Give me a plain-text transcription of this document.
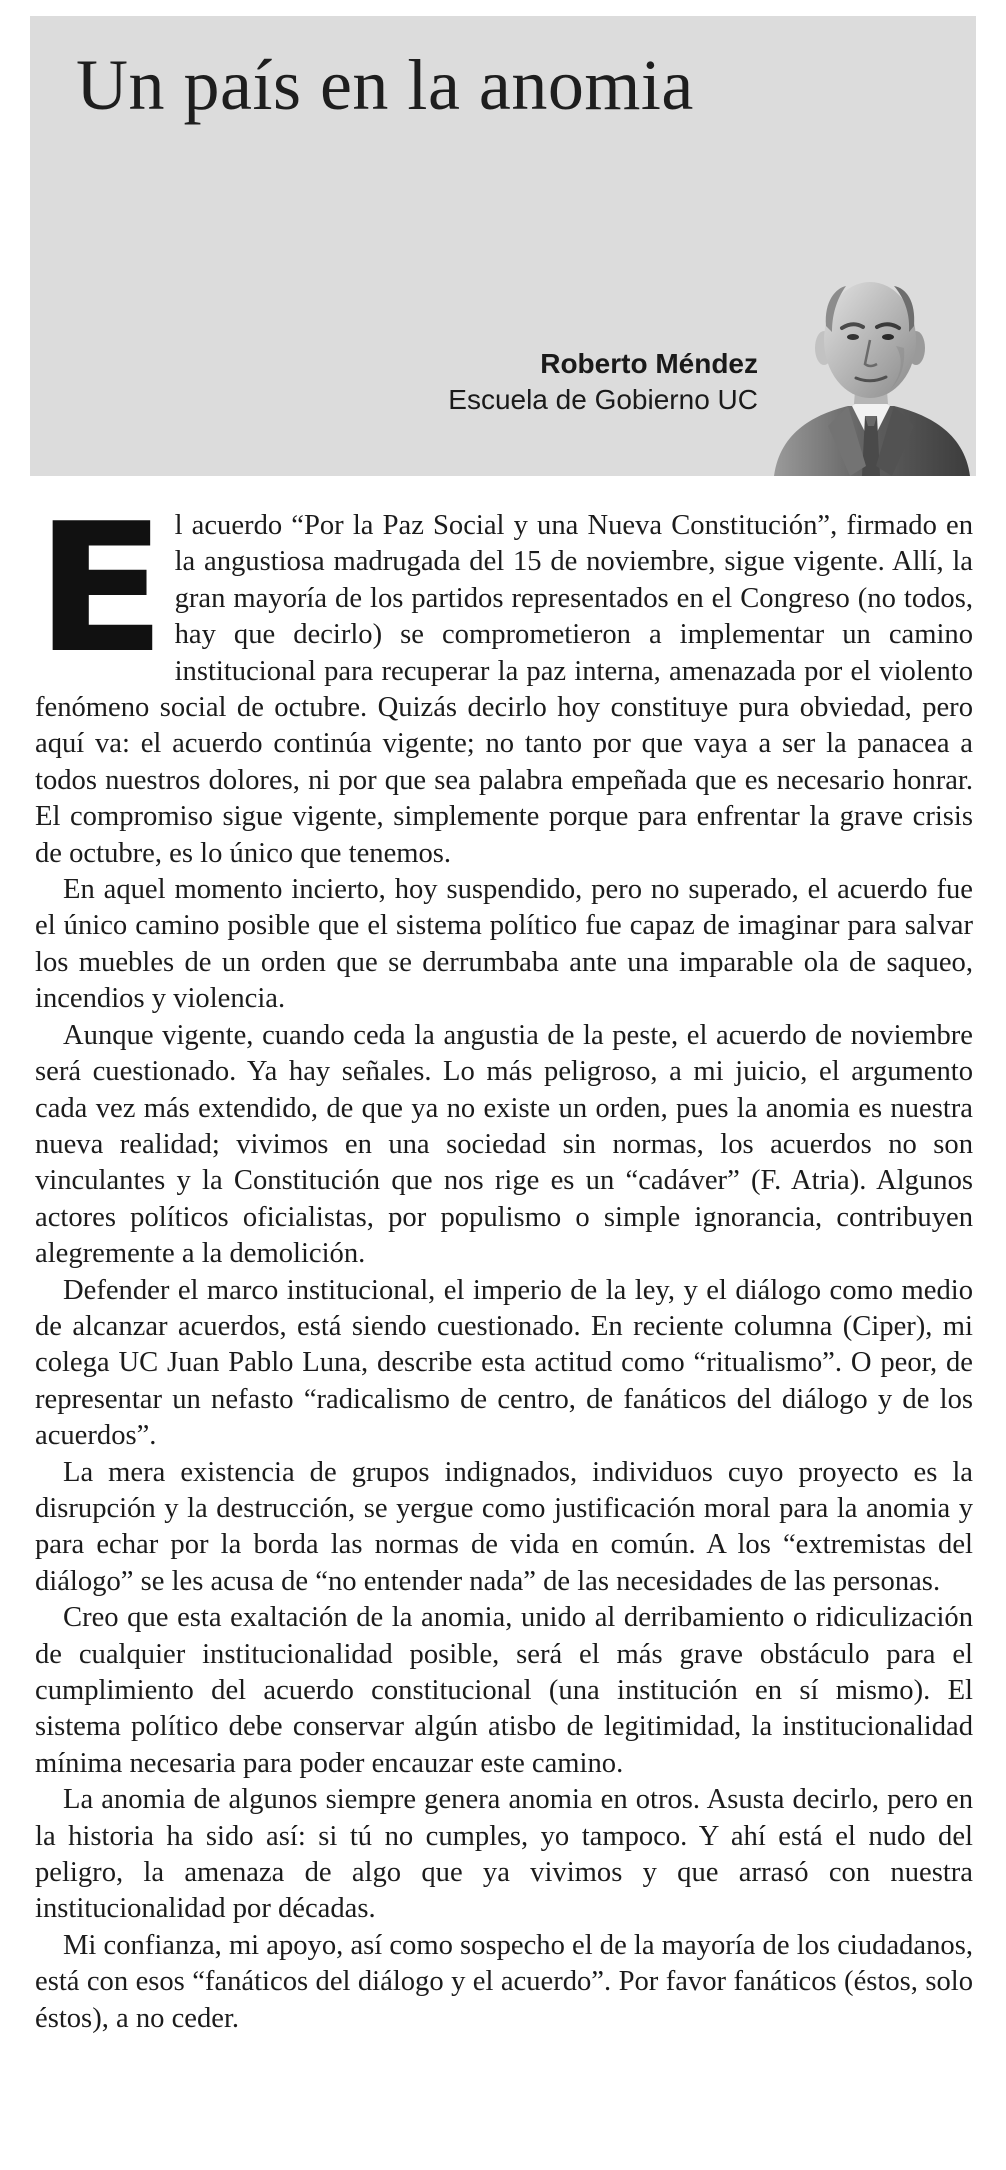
Un país en la anomia
Roberto Méndez
Escuela de Gobierno UC

El acuerdo “Por la Paz Social y una Nueva Constitución”, firmado en la angustiosa madrugada del 15 de noviembre, sigue vigente. Allí, la gran mayoría de los partidos representados en el Congreso (no todos, hay que decirlo) se comprometieron a implementar un camino institucional para recuperar la paz interna, amenazada por el violento fenómeno social de octubre. Quizás decirlo hoy constituye pura obviedad, pero aquí va: el acuerdo continúa vigente; no tanto por que vaya a ser la panacea a todos nuestros dolores, ni por que sea palabra empeñada que es necesario honrar. El compromiso sigue vigente, simplemente porque para enfrentar la grave crisis de octubre, es lo único que tenemos.

En aquel momento incierto, hoy suspendido, pero no superado, el acuerdo fue el único camino posible que el sistema político fue capaz de imaginar para salvar los muebles de un orden que se derrumbaba ante una imparable ola de saqueo, incendios y violencia.

Aunque vigente, cuando ceda la angustia de la peste, el acuerdo de noviembre será cuestionado. Ya hay señales. Lo más peligroso, a mi juicio, el argumento cada vez más extendido, de que ya no existe un orden, pues la anomia es nuestra nueva realidad; vivimos en una sociedad sin normas, los acuerdos no son vinculantes y la Constitución que nos rige es un “cadáver” (F. Atria). Algunos actores políticos oficialistas, por populismo o simple ignorancia, contribuyen alegremente a la demolición.

Defender el marco institucional, el imperio de la ley, y el diálogo como medio de alcanzar acuerdos, está siendo cuestionado. En reciente columna (Ciper), mi colega UC Juan Pablo Luna, describe esta actitud como “ritualismo”. O peor, de representar un nefasto “radicalismo de centro, de fanáticos del diálogo y de los acuerdos”.

La mera existencia de grupos indignados, individuos cuyo proyecto es la disrupción y la destrucción, se yergue como justificación moral para la anomia y para echar por la borda las normas de vida en común. A los “extremistas del diálogo” se les acusa de “no entender nada” de las necesidades de las personas.

Creo que esta exaltación de la anomia, unido al derribamiento o ridiculización de cualquier institucionalidad posible, será el más grave obstáculo para el cumplimiento del acuerdo constitucional (una institución en sí mismo). El sistema político debe conservar algún atisbo de legitimidad, la institucionalidad mínima necesaria para poder encauzar este camino.

La anomia de algunos siempre genera anomia en otros. Asusta decirlo, pero en la historia ha sido así: si tú no cumples, yo tampoco. Y ahí está el nudo del peligro, la amenaza de algo que ya vivimos y que arrasó con nuestra institucionalidad por décadas.

Mi confianza, mi apoyo, así como sospecho el de la mayoría de los ciudadanos, está con esos “fanáticos del diálogo y el acuerdo”. Por favor fanáticos (éstos, solo éstos), a no ceder.
